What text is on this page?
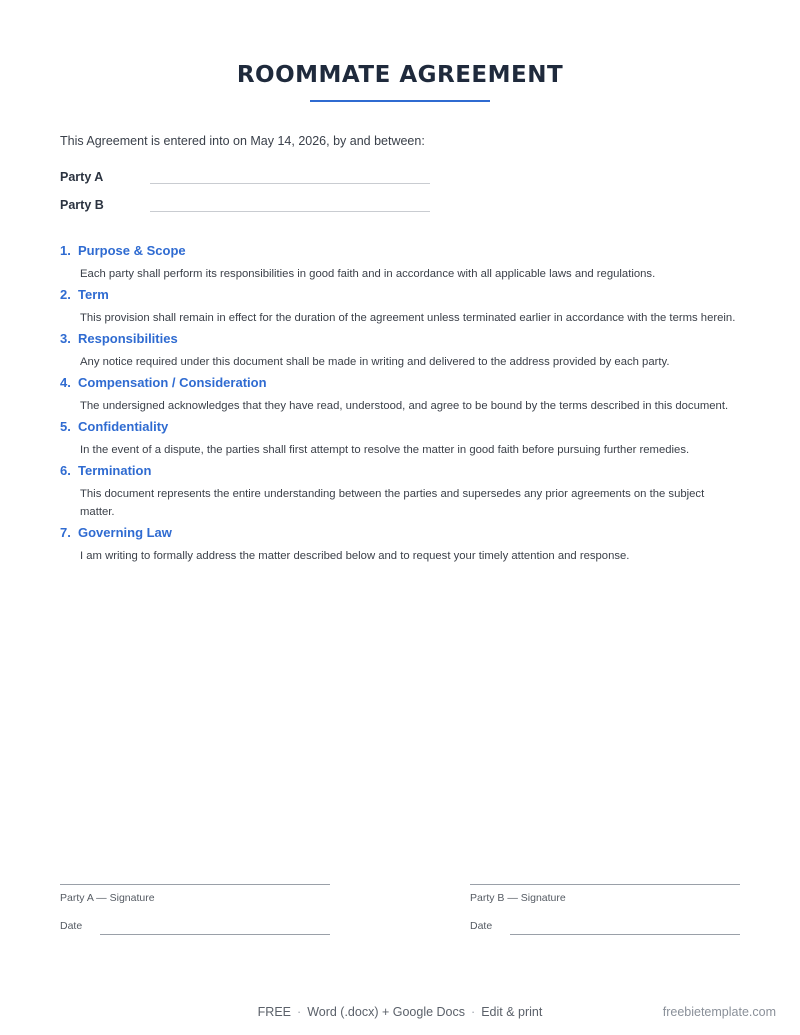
ROOMMATE AGREEMENT
This Agreement is entered into on May 14, 2026, by and between:
Party A
Party B
1. Purpose & Scope
Each party shall perform its responsibilities in good faith and in accordance with all applicable laws and regulations.
2. Term
This provision shall remain in effect for the duration of the agreement unless terminated earlier in accordance with the terms herein.
3. Responsibilities
Any notice required under this document shall be made in writing and delivered to the address provided by each party.
4. Compensation / Consideration
The undersigned acknowledges that they have read, understood, and agree to be bound by the terms described in this document.
5. Confidentiality
In the event of a dispute, the parties shall first attempt to resolve the matter in good faith before pursuing further remedies.
6. Termination
This document represents the entire understanding between the parties and supersedes any prior agreements on the subject matter.
7. Governing Law
I am writing to formally address the matter described below and to request your timely attention and response.
Party A — Signature
Date
Party B — Signature
Date
FREE · Word (.docx) + Google Docs · Edit & print	freebietemplate.com
